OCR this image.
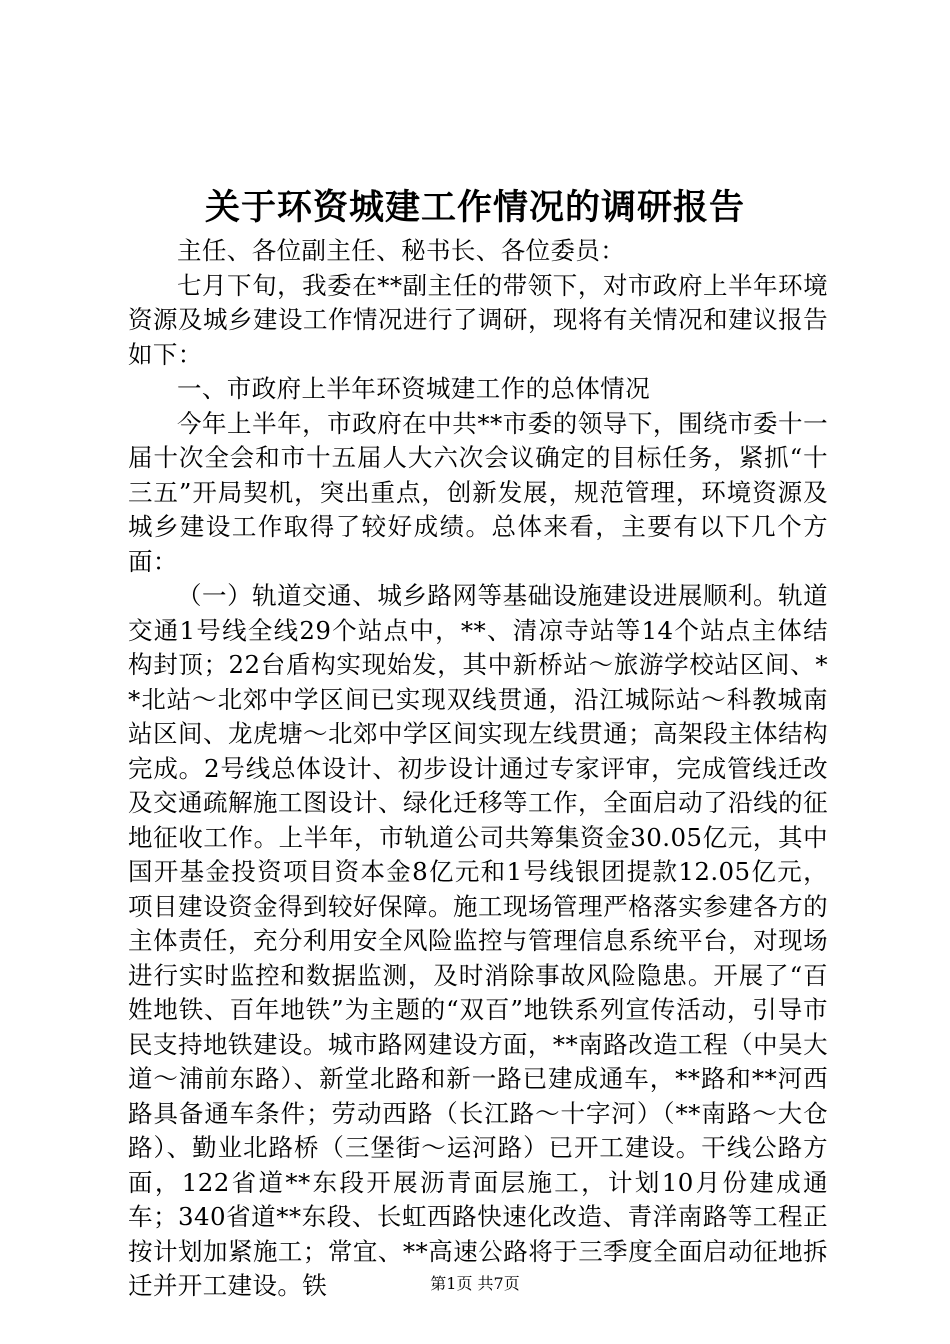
关于环资城建工作情况的调研报告

主任、各位副主任、秘书长、各位委员：

七月下旬，我委在**副主任的带领下，对市政府上半年环境资源及城乡建设工作情况进行了调研，现将有关情况和建议报告如下：

一、市政府上半年环资城建工作的总体情况

今年上半年，市政府在中共**市委的领导下，围绕市委十一届十次全会和市十五届人大六次会议确定的目标任务，紧抓“十三五”开局契机，突出重点，创新发展，规范管理，环境资源及城乡建设工作取得了较好成绩。总体来看，主要有以下几个方面：

（一）轨道交通、城乡路网等基础设施建设进展顺利。轨道交通1号线全线29个站点中，**、清凉寺站等14个站点主体结构封顶；22台盾构实现始发，其中新桥站～旅游学校站区间、**北站～北郊中学区间已实现双线贯通，沿江城际站～科教城南站区间、龙虎塘～北郊中学区间实现左线贯通；高架段主体结构完成。2号线总体设计、初步设计通过专家评审，完成管线迁改及交通疏解施工图设计、绿化迁移等工作，全面启动了沿线的征地征收工作。上半年，市轨道公司共筹集资金30.05亿元，其中国开基金投资项目资本金8亿元和1号线银团提款12.05亿元，项目建设资金得到较好保障。施工现场管理严格落实参建各方的主体责任，充分利用安全风险监控与管理信息系统平台，对现场进行实时监控和数据监测，及时消除事故风险隐患。开展了“百姓地铁、百年地铁”为主题的“双百”地铁系列宣传活动，引导市民支持地铁建设。城市路网建设方面，**南路改造工程（中吴大道～浦前东路）、新堂北路和新一路已建成通车，**路和**河西路具备通车条件；劳动西路（长江路～十字河）（**南路～大仓路）、勤业北路桥（三堡街～运河路）已开工建设。干线公路方面，122省道**东段开展沥青面层施工，计划10月份建成通车；340省道**东段、长虹西路快速化改造、青洋南路等工程正按计划加紧施工；常宜、**高速公路将于三季度全面启动征地拆迁并开工建设。铁	第1页 共7页
